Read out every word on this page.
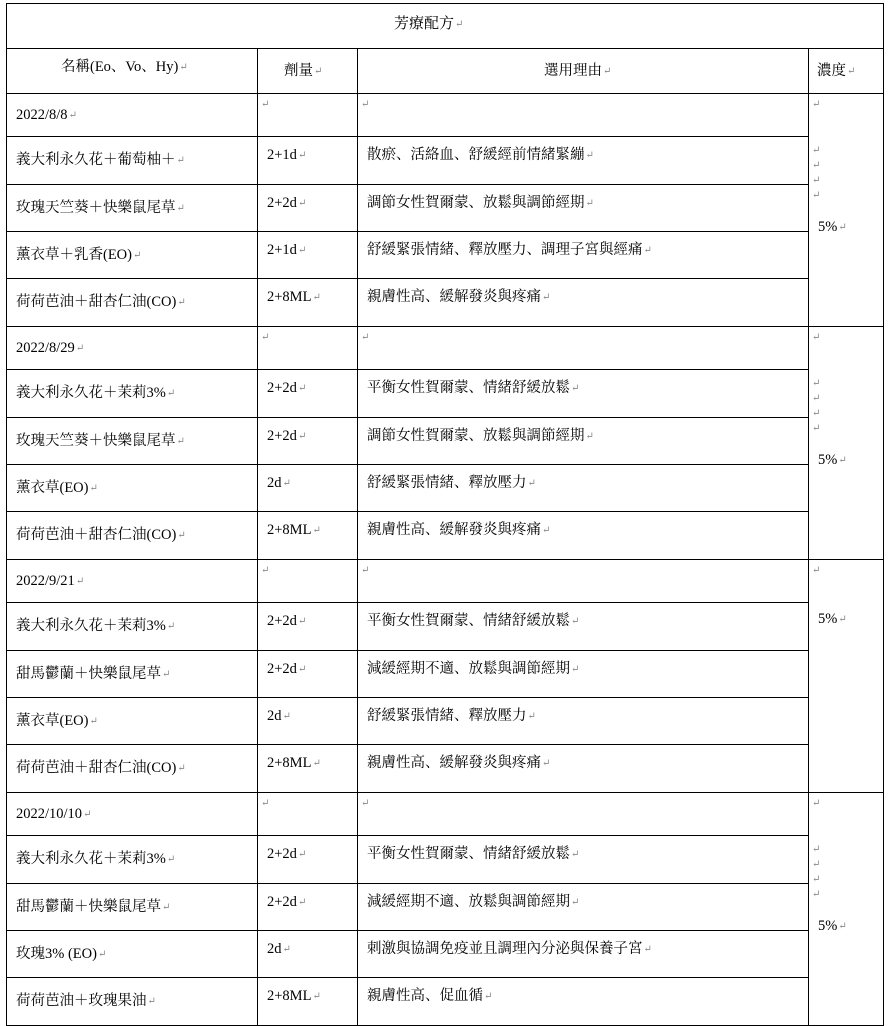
芳療配方↵
名稱(Eo、Vo、Hy)↵	劑量↵	選用理由↵	濃度↵
2022/8/8↵
↵	↵	↵
義大利永久花＋葡萄柚＋↵	2+1d↵	散瘀、活絡血、舒緩經前情緒緊繃↵
玫瑰天竺葵＋快樂鼠尾草↵	2+2d↵	調節女性賀爾蒙、放鬆與調節經期↵
薰衣草＋乳香(EO)↵	2+1d↵	舒緩緊張情緒、釋放壓力、調理子宮與經痛↵
荷荷芭油＋甜杏仁油(CO)↵	2+8ML↵	親膚性高、緩解發炎與疼痛↵
↵
↵
↵
↵
5%↵
2022/8/29↵
↵	↵	↵
義大利永久花＋茉莉3%↵	2+2d↵	平衡女性賀爾蒙、情緒舒緩放鬆↵
玫瑰天竺葵＋快樂鼠尾草↵	2+2d↵	調節女性賀爾蒙、放鬆與調節經期↵
薰衣草(EO)↵	2d↵	舒緩緊張情緒、釋放壓力↵
荷荷芭油＋甜杏仁油(CO)↵	2+8ML↵	親膚性高、緩解發炎與疼痛↵
↵
↵
↵
↵
5%↵
2022/9/21↵
↵	↵	↵
義大利永久花＋茉莉3%↵	2+2d↵	平衡女性賀爾蒙、情緒舒緩放鬆↵
甜馬鬱蘭＋快樂鼠尾草↵	2+2d↵	減緩經期不適、放鬆與調節經期↵
薰衣草(EO)↵	2d↵	舒緩緊張情緒、釋放壓力↵
荷荷芭油＋甜杏仁油(CO)↵	2+8ML↵	親膚性高、緩解發炎與疼痛↵
5%↵
2022/10/10↵
↵	↵	↵
義大利永久花＋茉莉3%↵	2+2d↵	平衡女性賀爾蒙、情緒舒緩放鬆↵
甜馬鬱蘭＋快樂鼠尾草↵	2+2d↵	減緩經期不適、放鬆與調節經期↵
玫瑰3% (EO)↵	2d↵	刺激與協調免疫並且調理內分泌與保養子宮↵
荷荷芭油＋玫瑰果油↵	2+8ML↵	親膚性高、促血循↵
↵
↵
↵
↵
5%↵
